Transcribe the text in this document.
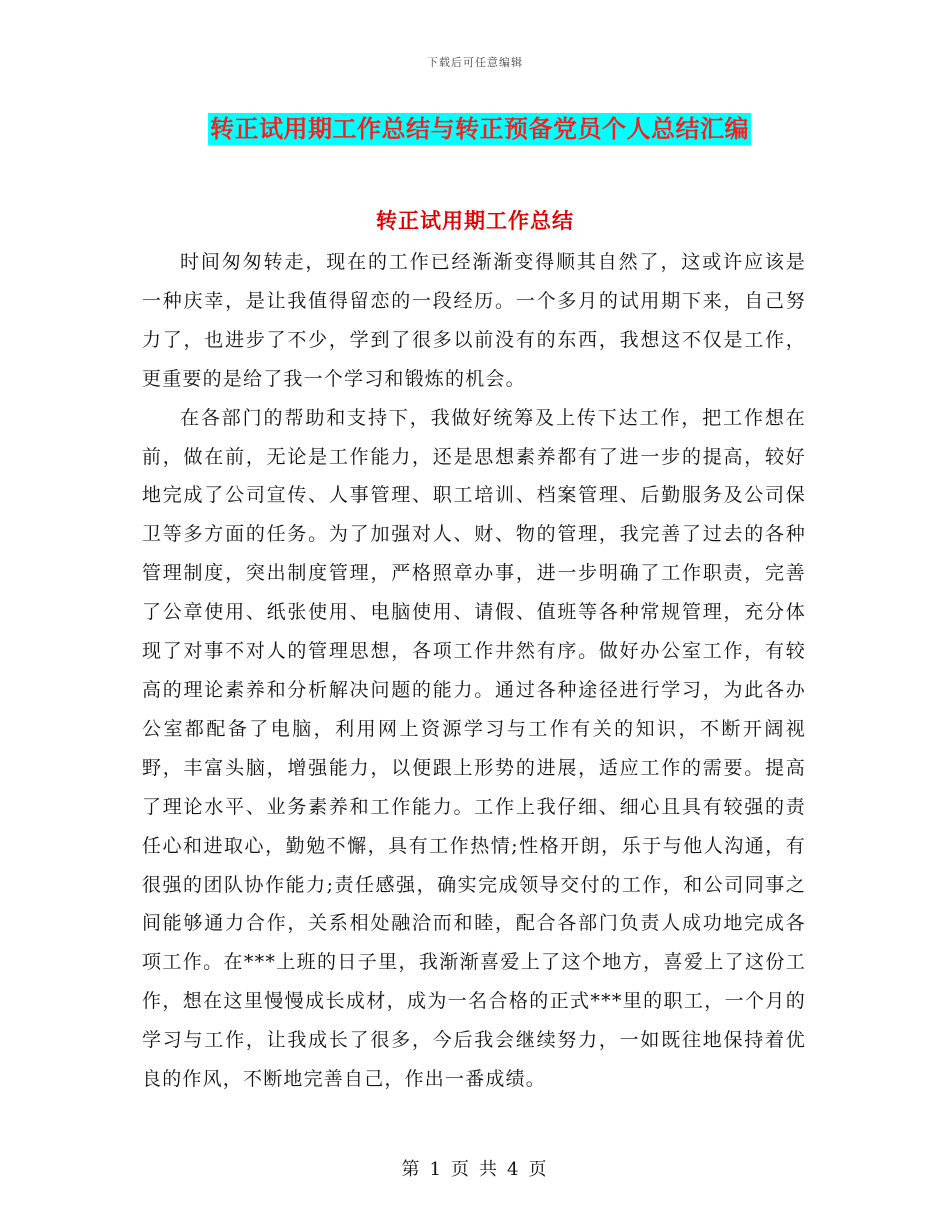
下载后可任意编辑
转正试用期工作总结与转正预备党员个人总结汇编
转正试用期工作总结

时间匆匆转走，现在的工作已经渐渐变得顺其自然了，这或许应该是一种庆幸，是让我值得留恋的一段经历。一个多月的试用期下来，自己努力了，也进步了不少，学到了很多以前没有的东西，我想这不仅是工作，更重要的是给了我一个学习和锻炼的机会。

在各部门的帮助和支持下，我做好统筹及上传下达工作，把工作想在前，做在前，无论是工作能力，还是思想素养都有了进一步的提高，较好地完成了公司宣传、人事管理、职工培训、档案管理、后勤服务及公司保卫等多方面的任务。为了加强对人、财、物的管理，我完善了过去的各种管理制度，突出制度管理，严格照章办事，进一步明确了工作职责，完善了公章使用、纸张使用、电脑使用、请假、值班等各种常规管理，充分体现了对事不对人的管理思想，各项工作井然有序。做好办公室工作，有较高的理论素养和分析解决问题的能力。通过各种途径进行学习，为此各办公室都配备了电脑，利用网上资源学习与工作有关的知识，不断开阔视野，丰富头脑，增强能力，以便跟上形势的进展，适应工作的需要。提高了理论水平、业务素养和工作能力。工作上我仔细、细心且具有较强的责任心和进取心，勤勉不懈，具有工作热情;性格开朗，乐于与他人沟通，有很强的团队协作能力;责任感强，确实完成领导交付的工作，和公司同事之间能够通力合作，关系相处融洽而和睦，配合各部门负责人成功地完成各项工作。在***上班的日子里，我渐渐喜爱上了这个地方，喜爱上了这份工作，想在这里慢慢成长成材，成为一名合格的正式***里的职工，一个月的学习与工作，让我成长了很多，今后我会继续努力，一如既往地保持着优良的作风，不断地完善自己，作出一番成绩。

第 1 页 共 4 页
